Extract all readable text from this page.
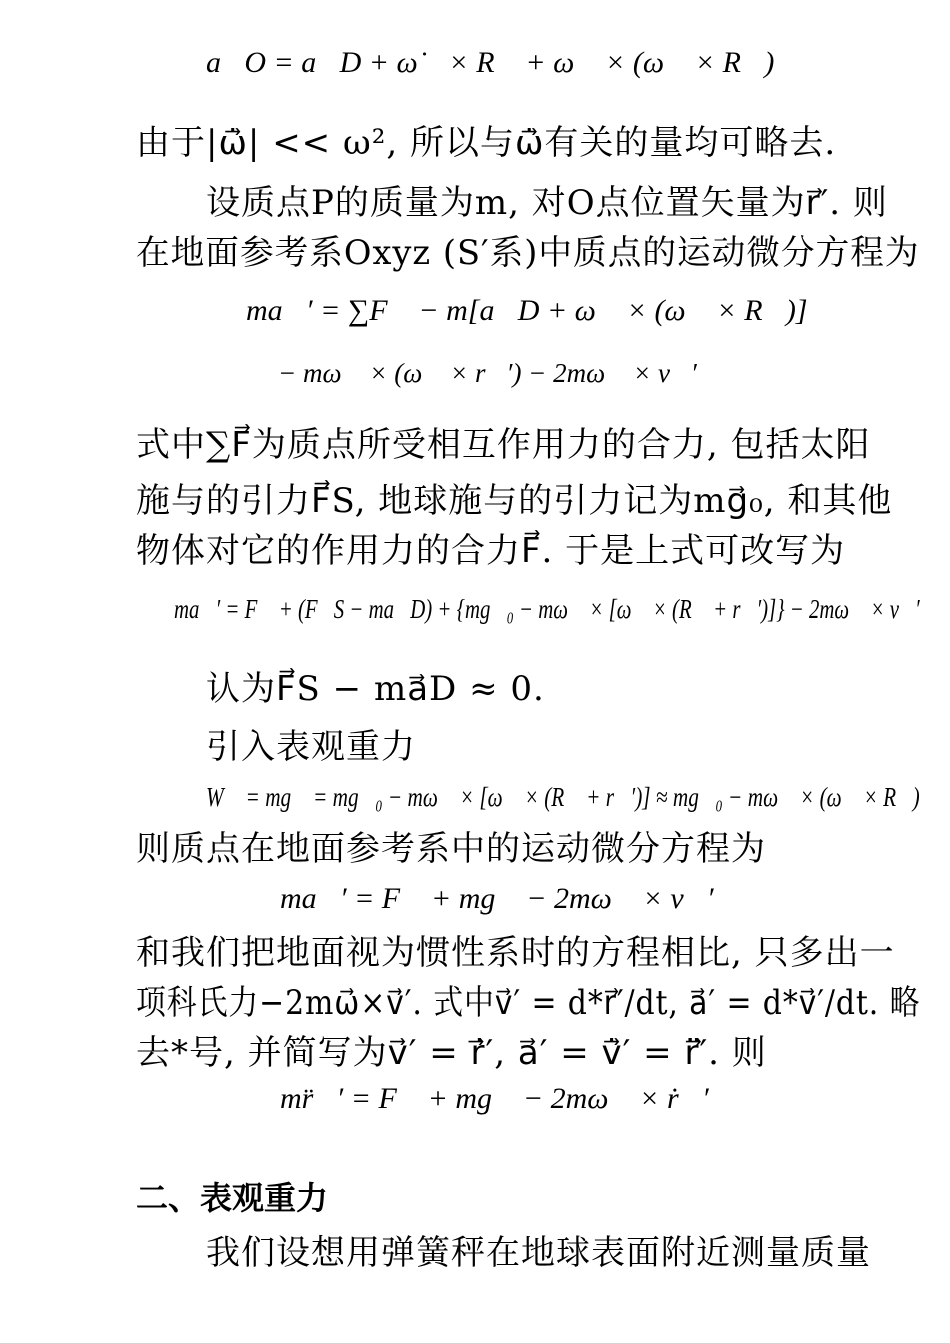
a⃗O = a⃗D + ω̇⃗ × R⃗ + ω⃗ × (ω⃗ × R⃗)
由于|ω̇⃗| << ω², 所以与ω̇⃗有关的量均可略去.
设质点P的质量为m, 对O点位置矢量为r⃗′. 则
在地面参考系Oxyz (S′系)中质点的运动微分方程为
ma⃗′ = ∑F⃗ − m[a⃗D + ω⃗ × (ω⃗ × R⃗)]
− mω⃗ × (ω⃗ × r⃗′) − 2mω⃗ × v⃗′
式中∑F⃗为质点所受相互作用力的合力, 包括太阳
施与的引力F⃗S, 地球施与的引力记为mg⃗₀, 和其他
物体对它的作用力的合力F⃗. 于是上式可改写为
ma⃗′ = F⃗ + (F⃗S − ma⃗D) + {mg⃗₀ − mω⃗ × [ω⃗ × (R⃗ + r⃗′)]} − 2mω⃗ × v⃗′
认为F⃗S − ma⃗D ≈ 0.
引入表观重力
W⃗ = mg⃗ = mg⃗₀ − mω⃗ × [ω⃗ × (R⃗ + r⃗′)] ≈ mg⃗₀ − mω⃗ × (ω⃗ × R⃗)
则质点在地面参考系中的运动微分方程为
ma⃗′ = F⃗ + mg⃗ − 2mω⃗ × v⃗′
和我们把地面视为惯性系时的方程相比, 只多出一
项科氏力−2mω⃗×v⃗′. 式中v⃗′ = d*r⃗′/dt, a⃗′ = d*v⃗′/dt. 略
去*号, 并简写为v⃗′ = ṙ⃗′, a⃗′ = v̇⃗′ = r̈⃗′. 则
mr̈⃗′ = F⃗ + mg⃗ − 2mω⃗ × ṙ⃗′
二、表观重力
我们设想用弹簧秤在地球表面附近测量质量
